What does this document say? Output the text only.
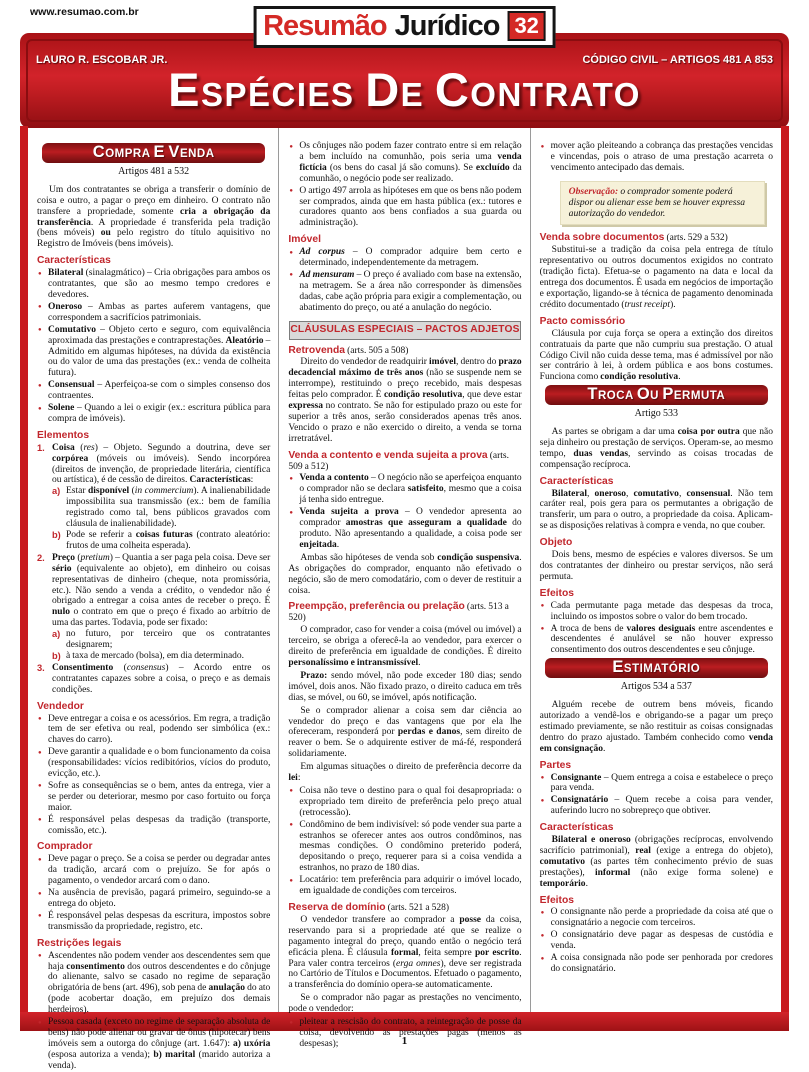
www.resumao.com.br	Resumão Jurídico 32
LAURO R. ESCOBAR JR.	CÓDIGO CIVIL – ARTIGOS 481 A 853
ESPÉCIES DE CONTRATO
1
COMPRA E VENDA
Artigos 481 a 532

Um dos contratantes se obriga a transferir o domínio de coisa e outro, a pagar o preço em dinheiro. O contrato não transfere a propriedade, somente cria a obrigação da transferência. A propriedade é transferida pela tradição (bens móveis) ou pelo registro do título aquisitivo no Registro de Imóveis (bens imóveis).

Características
● Bilateral (sinalagmático) – Cria obrigações para ambos os contratantes, que são ao mesmo tempo credores e devedores.
● Oneroso – Ambas as partes auferem vantagens, que correspondem a sacrifícios patrimoniais.
● Comutativo – Objeto certo e seguro, com equivalência aproximada das prestações e contraprestações. Aleatório – Admitido em algumas hipóteses, na dúvida da existência ou do valor de uma das prestações (ex.: venda de colheita futura).
● Consensual – Aperfeiçoa-se com o simples consenso dos contraentes.
● Solene – Quando a lei o exigir (ex.: escritura pública para compra de imóveis).
Elementos
1. Coisa (res) – Objeto. Segundo a doutrina, deve ser corpórea (móveis ou imóveis). Sendo incorpórea (direitos de invenção, de propriedade literária, científica ou artística), é de cessão de direitos. Características:
a) Estar disponível (in commercium). A inalienabilidade impossibilita sua transmissão (ex.: bem de família registrado como tal, bens públicos gravados com cláusula de inalienabilidade).
b) Pode se referir a coisas futuras (contrato aleatório: frutos de uma colheita esperada).
2. Preço (pretium) – Quantia a ser paga pela coisa. Deve ser sério (equivalente ao objeto), em dinheiro ou coisas representativas de dinheiro (cheque, nota promissória, etc.). Não sendo a venda a crédito, o vendedor não é obrigado a entregar a coisa antes de receber o preço. É nulo o contrato em que o preço é fixado ao arbítrio de uma das partes. Todavia, pode ser fixado:
a) no futuro, por terceiro que os contratantes designarem;
b) à taxa de mercado (bolsa), em dia determinado.
3. Consentimento (consensus) – Acordo entre os contratantes capazes sobre a coisa, o preço e as demais condições.
Vendedor
● Deve entregar a coisa e os acessórios. Em regra, a tradição tem de ser efetiva ou real, podendo ser simbólica (ex.: chaves do carro).
● Deve garantir a qualidade e o bom funcionamento da coisa (responsabilidades: vícios redibitórios, vícios do produto, evicção, etc.).
● Sofre as consequências se o bem, antes da entrega, vier a se perder ou deteriorar, mesmo por caso fortuito ou força maior.
● É responsável pelas despesas da tradição (transporte, comissão, etc.).
Comprador
● Deve pagar o preço. Se a coisa se perder ou degradar antes da tradição, arcará com o prejuízo. Se for após o pagamento, o vendedor arcará com o dano.
● Na ausência de previsão, pagará primeiro, seguindo-se a entrega do objeto.
● É responsável pelas despesas da escritura, impostos sobre transmissão da propriedade, registro, etc.
Restrições legais
● Ascendentes não podem vender aos descendentes sem que haja consentimento dos outros descendentes e do cônjuge do alienante, salvo se casado no regime de separação obrigatória de bens (art. 496), sob pena de anulação do ato (pode acobertar doação, em prejuízo dos demais herdeiros).
● Pessoa casada (exceto no regime de separação absoluta de bens) não pode alienar ou gravar de ônus (hipotecar) bens imóveis sem a outorga do cônjuge (art. 1.647): a) uxória (esposa autoriza a venda); b) marital (marido autoriza a venda).
● Os cônjuges não podem fazer contrato entre si em relação a bem incluído na comunhão, pois seria uma venda fictícia (os bens do casal já são comuns). Se excluído da comunhão, o negócio pode ser realizado.
● O artigo 497 arrola as hipóteses em que os bens não podem ser comprados, ainda que em hasta pública (ex.: tutores e curadores quanto aos bens confiados a sua guarda ou administração).
Imóvel
● Ad corpus – O comprador adquire bem certo e determinado, independentemente da metragem.
● Ad mensuram – O preço é avaliado com base na extensão, na metragem. Se a área não corresponder às dimensões dadas, cabe ação própria para exigir a complementação, ou abatimento do preço, ou até a anulação do negócio.
CLÁUSULAS ESPECIAIS – PACTOS ADJETOS
Retrovenda (arts. 505 a 508)

Direito do vendedor de readquirir imóvel, dentro do prazo decadencial máximo de três anos (não se suspende nem se interrompe), restituindo o preço recebido, mais despesas feitas pelo comprador. É condição resolutiva, que deve estar expressa no contrato. Se não for estipulado prazo ou este for superior a três anos, serão considerados apenas três anos. Vencido o prazo e não exercido o direito, a venda se torna irretratável.

Venda a contento e venda sujeita a prova (arts. 509 a 512)
● Venda a contento – O negócio não se aperfeiçoa enquanto o comprador não se declara satisfeito, mesmo que a coisa já tenha sido entregue.
● Venda sujeita a prova – O vendedor apresenta ao comprador amostras que asseguram a qualidade do produto. Não apresentando a qualidade, a coisa pode ser enjeitada.

Ambas são hipóteses de venda sob condição suspensiva. As obrigações do comprador, enquanto não efetivado o negócio, são de mero comodatário, com o dever de restituir a coisa.

Preempção, preferência ou prelação (arts. 513 a 520)

O comprador, caso for vender a coisa (móvel ou imóvel) a terceiro, se obriga a oferecê-la ao vendedor, para exercer o direito de preferência em igualdade de condições. É direito personalíssimo e intransmissível.

Prazo: sendo móvel, não pode exceder 180 dias; sendo imóvel, dois anos. Não fixado prazo, o direito caduca em três dias, se móvel, ou 60, se imóvel, após notificação.

Se o comprador alienar a coisa sem dar ciência ao vendedor do preço e das vantagens que por ela lhe ofereceram, responderá por perdas e danos, sem direito de reaver o bem. Se o adquirente estiver de má-fé, responderá solidariamente.

Em algumas situações o direito de preferência decorre da lei:

● Coisa não teve o destino para o qual foi desapropriada: o expropriado tem direito de preferência pelo preço atual (retrocessão).
● Condômino de bem indivisível: só pode vender sua parte a estranhos se oferecer antes aos outros condôminos, nas mesmas condições. O condômino preterido poderá, depositando o preço, requerer para si a coisa vendida a estranhos, no prazo de 180 dias.
● Locatário: tem preferência para adquirir o imóvel locado, em igualdade de condições com terceiros.
Reserva de domínio (arts. 521 a 528)

O vendedor transfere ao comprador a posse da coisa, reservando para si a propriedade até que se realize o pagamento integral do preço, quando então o negócio terá eficácia plena. É cláusula formal, feita sempre por escrito. Para valer contra terceiros (erga omnes), deve ser registrada no Cartório de Títulos e Documentos. Efetuado o pagamento, a transferência do domínio opera-se automaticamente.

Se o comprador não pagar as prestações no vencimento, pode o vendedor:

● pleitear a rescisão do contrato, a reintegração de posse da coisa, devolvendo as prestações pagas (menos as despesas);
● mover ação pleiteando a cobrança das prestações vencidas e vincendas, pois o atraso de uma prestação acarreta o vencimento antecipado das demais.
Observação: o comprador somente poderá dispor ou alienar esse bem se houver expressa autorização do vendedor.
Venda sobre documentos (arts. 529 a 532)

Substitui-se a tradição da coisa pela entrega de título representativo ou outros documentos exigidos no contrato (tradição ficta). Efetua-se o pagamento na data e local da entrega dos documentos. É usada em negócios de importação e exportação, ligando-se à técnica de pagamento denominada crédito documentado (trust receipt).

Pacto comissório

Cláusula por cuja força se opera a extinção dos direitos contratuais da parte que não cumpriu sua prestação. O atual Código Civil não cuida desse tema, mas é admissível por não ser contrário à lei, à ordem pública e aos bons costumes. Funciona como condição resolutiva.

TROCA OU PERMUTA
Artigo 533

As partes se obrigam a dar uma coisa por outra que não seja dinheiro ou prestação de serviços. Operam-se, ao mesmo tempo, duas vendas, servindo as coisas trocadas de compensação recíproca.

Características

Bilateral, oneroso, comutativo, consensual. Não tem caráter real, pois gera para os permutantes a obrigação de transferir, um para o outro, a propriedade da coisa. Aplicam-se as disposições relativas à compra e venda, no que couber.

Objeto

Dois bens, mesmo de espécies e valores diversos. Se um dos contratantes der dinheiro ou prestar serviços, não será permuta.

Efeitos
● Cada permutante paga metade das despesas da troca, incluindo os impostos sobre o valor do bem trocado.
● A troca de bens de valores desiguais entre ascendentes e descendentes é anulável se não houver expresso consentimento dos outros descendentes e seu cônjuge.
ESTIMATÓRIO
Artigos 534 a 537

Alguém recebe de outrem bens móveis, ficando autorizado a vendê-los e obrigando-se a pagar um preço estimado previamente, se não restituir as coisas consignadas dentro do prazo ajustado. Também conhecido como venda em consignação.

Partes
● Consignante – Quem entrega a coisa e estabelece o preço para venda.
● Consignatário – Quem recebe a coisa para vender, auferindo lucro no sobrepreço que obtiver.
Características

Bilateral e oneroso (obrigações recíprocas, envolvendo sacrifício patrimonial), real (exige a entrega do objeto), comutativo (as partes têm conhecimento prévio de suas prestações), informal (não exige forma solene) e temporário.

Efeitos
● O consignante não perde a propriedade da coisa até que o consignatário a negocie com terceiros.
● O consignatário deve pagar as despesas de custódia e venda.
● A coisa consignada não pode ser penhorada por credores do consignatário.
